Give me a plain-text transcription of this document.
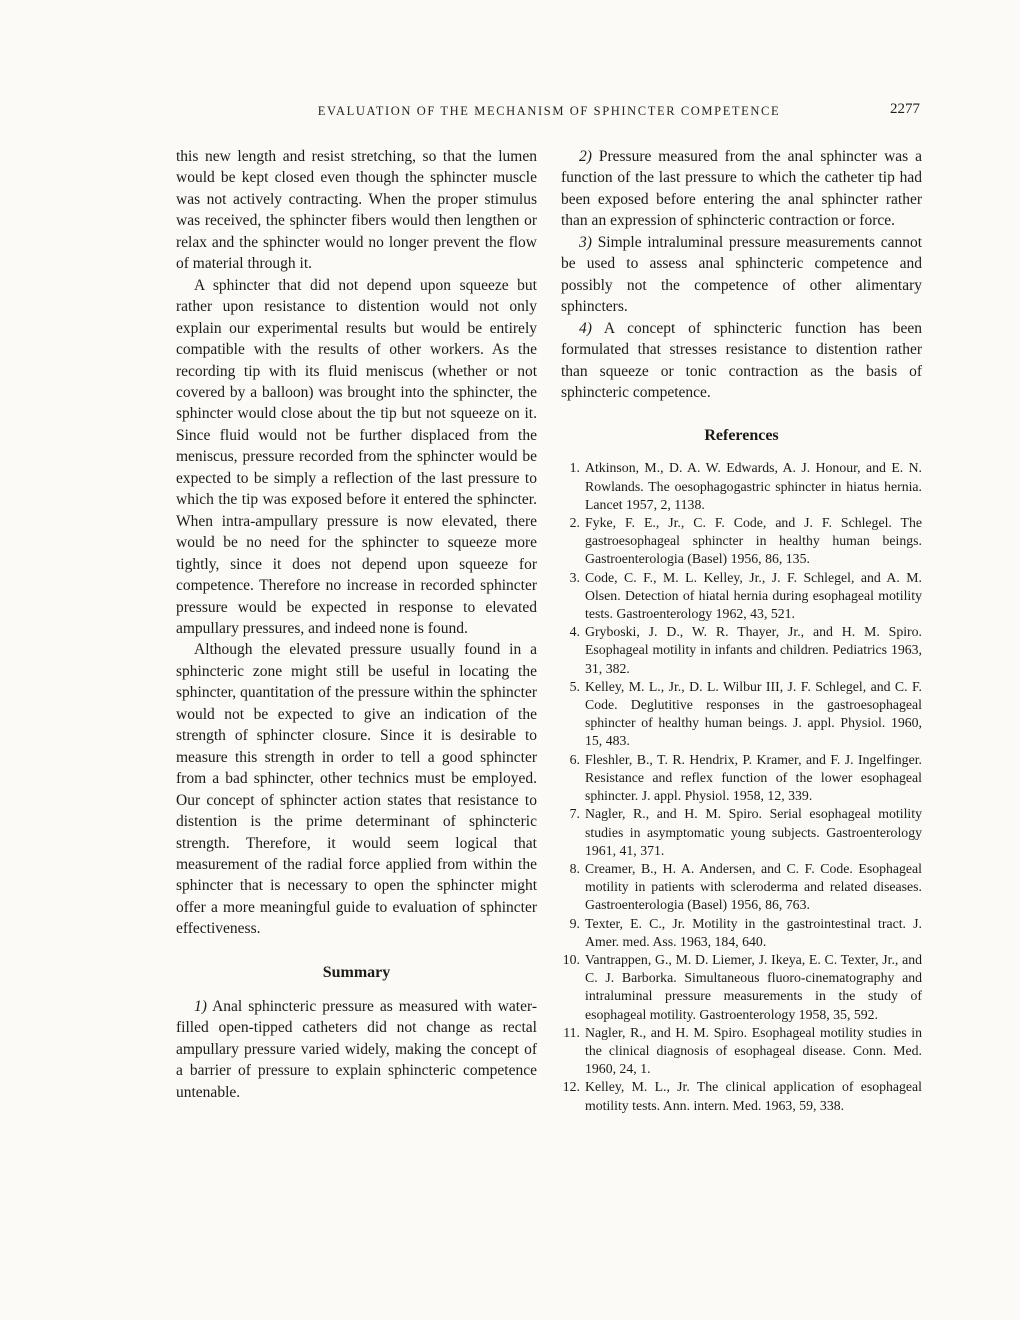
EVALUATION OF THE MECHANISM OF SPHINCTER COMPETENCE	2277

this new length and resist stretching, so that the lumen would be kept closed even though the sphincter muscle was not actively contracting. When the proper stimulus was received, the sphincter fibers would then lengthen or relax and the sphincter would no longer prevent the flow of material through it.

A sphincter that did not depend upon squeeze but rather upon resistance to distention would not only explain our experimental results but would be entirely compatible with the results of other workers. As the recording tip with its fluid meniscus (whether or not covered by a balloon) was brought into the sphincter, the sphincter would close about the tip but not squeeze on it. Since fluid would not be further displaced from the meniscus, pressure recorded from the sphincter would be expected to be simply a reflection of the last pressure to which the tip was exposed before it entered the sphincter. When intra-ampullary pressure is now elevated, there would be no need for the sphincter to squeeze more tightly, since it does not depend upon squeeze for competence. Therefore no increase in recorded sphincter pressure would be expected in response to elevated ampullary pressures, and indeed none is found.

Although the elevated pressure usually found in a sphincteric zone might still be useful in locating the sphincter, quantitation of the pressure within the sphincter would not be expected to give an indication of the strength of sphincter closure. Since it is desirable to measure this strength in order to tell a good sphincter from a bad sphincter, other technics must be employed. Our concept of sphincter action states that resistance to distention is the prime determinant of sphincteric strength. Therefore, it would seem logical that measurement of the radial force applied from within the sphincter that is necessary to open the sphincter might offer a more meaningful guide to evaluation of sphincter effectiveness.

Summary

1) Anal sphincteric pressure as measured with water-filled open-tipped catheters did not change as rectal ampullary pressure varied widely, making the concept of a barrier of pressure to explain sphincteric competence untenable.

2) Pressure measured from the anal sphincter was a function of the last pressure to which the catheter tip had been exposed before entering the anal sphincter rather than an expression of sphincteric contraction or force.

3) Simple intraluminal pressure measurements cannot be used to assess anal sphincteric competence and possibly not the competence of other alimentary sphincters.

4) A concept of sphincteric function has been formulated that stresses resistance to distention rather than squeeze or tonic contraction as the basis of sphincteric competence.

References
1. Atkinson, M., D. A. W. Edwards, A. J. Honour, and E. N. Rowlands. The oesophagogastric sphincter in hiatus hernia. Lancet 1957, 2, 1138.
2. Fyke, F. E., Jr., C. F. Code, and J. F. Schlegel. The gastroesophageal sphincter in healthy human beings. Gastroenterologia (Basel) 1956, 86, 135.
3. Code, C. F., M. L. Kelley, Jr., J. F. Schlegel, and A. M. Olsen. Detection of hiatal hernia during esophageal motility tests. Gastroenterology 1962, 43, 521.
4. Gryboski, J. D., W. R. Thayer, Jr., and H. M. Spiro. Esophageal motility in infants and children. Pediatrics 1963, 31, 382.
5. Kelley, M. L., Jr., D. L. Wilbur III, J. F. Schlegel, and C. F. Code. Deglutitive responses in the gastroesophageal sphincter of healthy human beings. J. appl. Physiol. 1960, 15, 483.
6. Fleshler, B., T. R. Hendrix, P. Kramer, and F. J. Ingelfinger. Resistance and reflex function of the lower esophageal sphincter. J. appl. Physiol. 1958, 12, 339.
7. Nagler, R., and H. M. Spiro. Serial esophageal motility studies in asymptomatic young subjects. Gastroenterology 1961, 41, 371.
8. Creamer, B., H. A. Andersen, and C. F. Code. Esophageal motility in patients with scleroderma and related diseases. Gastroenterologia (Basel) 1956, 86, 763.
9. Texter, E. C., Jr. Motility in the gastrointestinal tract. J. Amer. med. Ass. 1963, 184, 640.
10. Vantrappen, G., M. D. Liemer, J. Ikeya, E. C. Texter, Jr., and C. J. Barborka. Simultaneous fluoro-cinematography and intraluminal pressure measurements in the study of esophageal motility. Gastroenterology 1958, 35, 592.
11. Nagler, R., and H. M. Spiro. Esophageal motility studies in the clinical diagnosis of esophageal disease. Conn. Med. 1960, 24, 1.
12. Kelley, M. L., Jr. The clinical application of esophageal motility tests. Ann. intern. Med. 1963, 59, 338.
